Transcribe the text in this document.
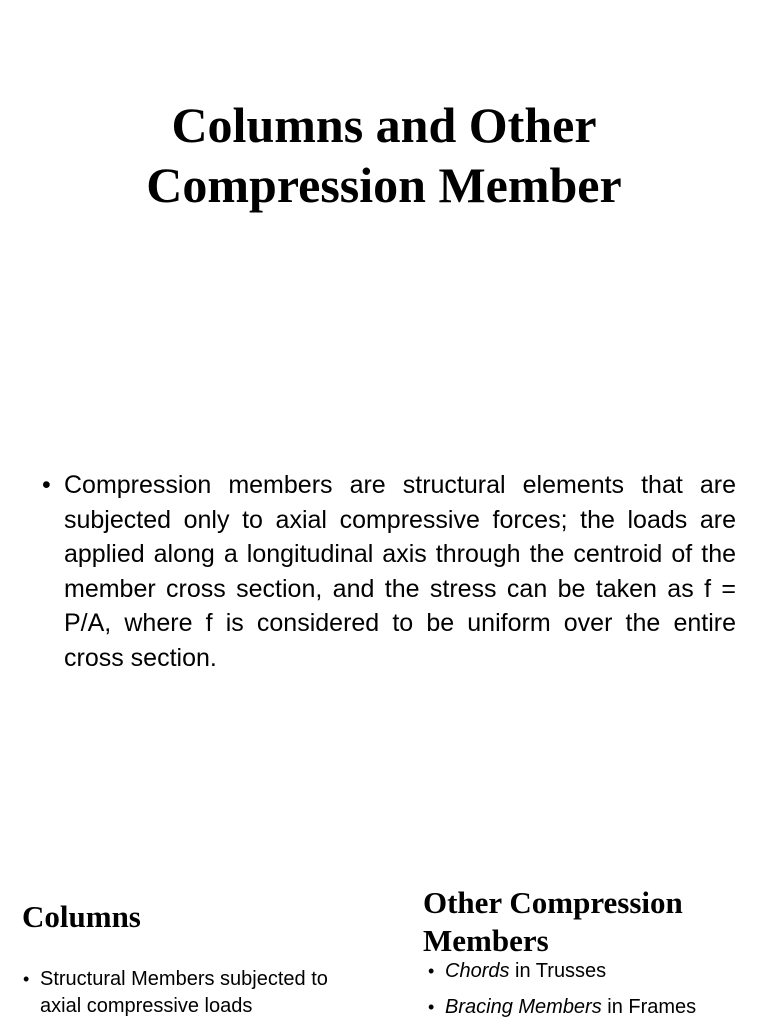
Columns and Other
Compression Member
• Compression members are structural elements that are subjected only to axial compressive forces; the loads are applied along a longitudinal axis through the centroid of the member cross section, and the stress can be taken as f = P/A, where f is considered to be uniform over the entire cross section.
Columns
• Structural Members subjected to axial compressive loads
Other Compression Members
• Chords in Trusses
• Bracing Members in Frames
